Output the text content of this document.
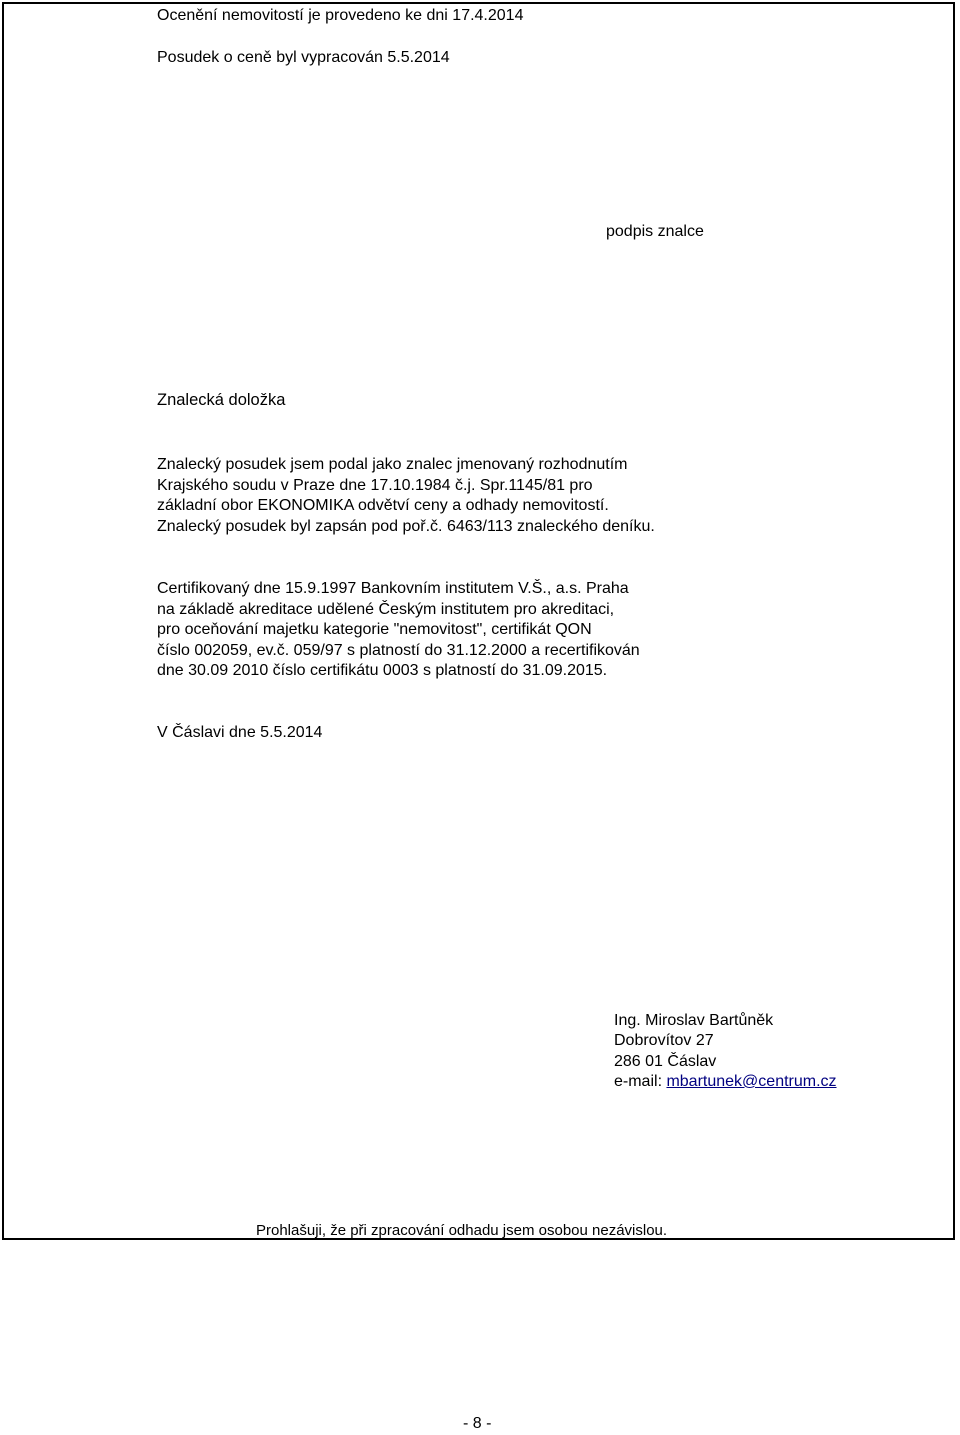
Ocenění nemovitostí je provedeno ke dni 17.4.2014

Posudek o ceně byl vypracován 5.5.2014

podpis znalce

Znalecká doložka

Znalecký posudek jsem podal jako znalec jmenovaný rozhodnutím

Krajského soudu v Praze dne 17.10.1984 č.j. Spr.1145/81 pro

základní obor EKONOMIKA odvětví ceny a odhady nemovitostí.

Znalecký posudek byl zapsán pod poř.č. 6463/113 znaleckého deníku.

Certifikovaný dne 15.9.1997 Bankovním institutem V.Š., a.s. Praha

na základě akreditace udělené Českým institutem pro akreditaci,

pro oceňování majetku kategorie "nemovitost", certifikát QON

číslo 002059, ev.č. 059/97 s platností do 31.12.2000 a recertifikován

dne 30.09 2010 číslo certifikátu 0003 s platností do 31.09.2015.

V Čáslavi dne 5.5.2014

Ing. Miroslav Bartůněk

Dobrovítov 27

286 01 Čáslav

e-mail: mbartunek@centrum.cz

Prohlašuji, že při zpracování odhadu jsem osobou nezávislou.

- 8 -
